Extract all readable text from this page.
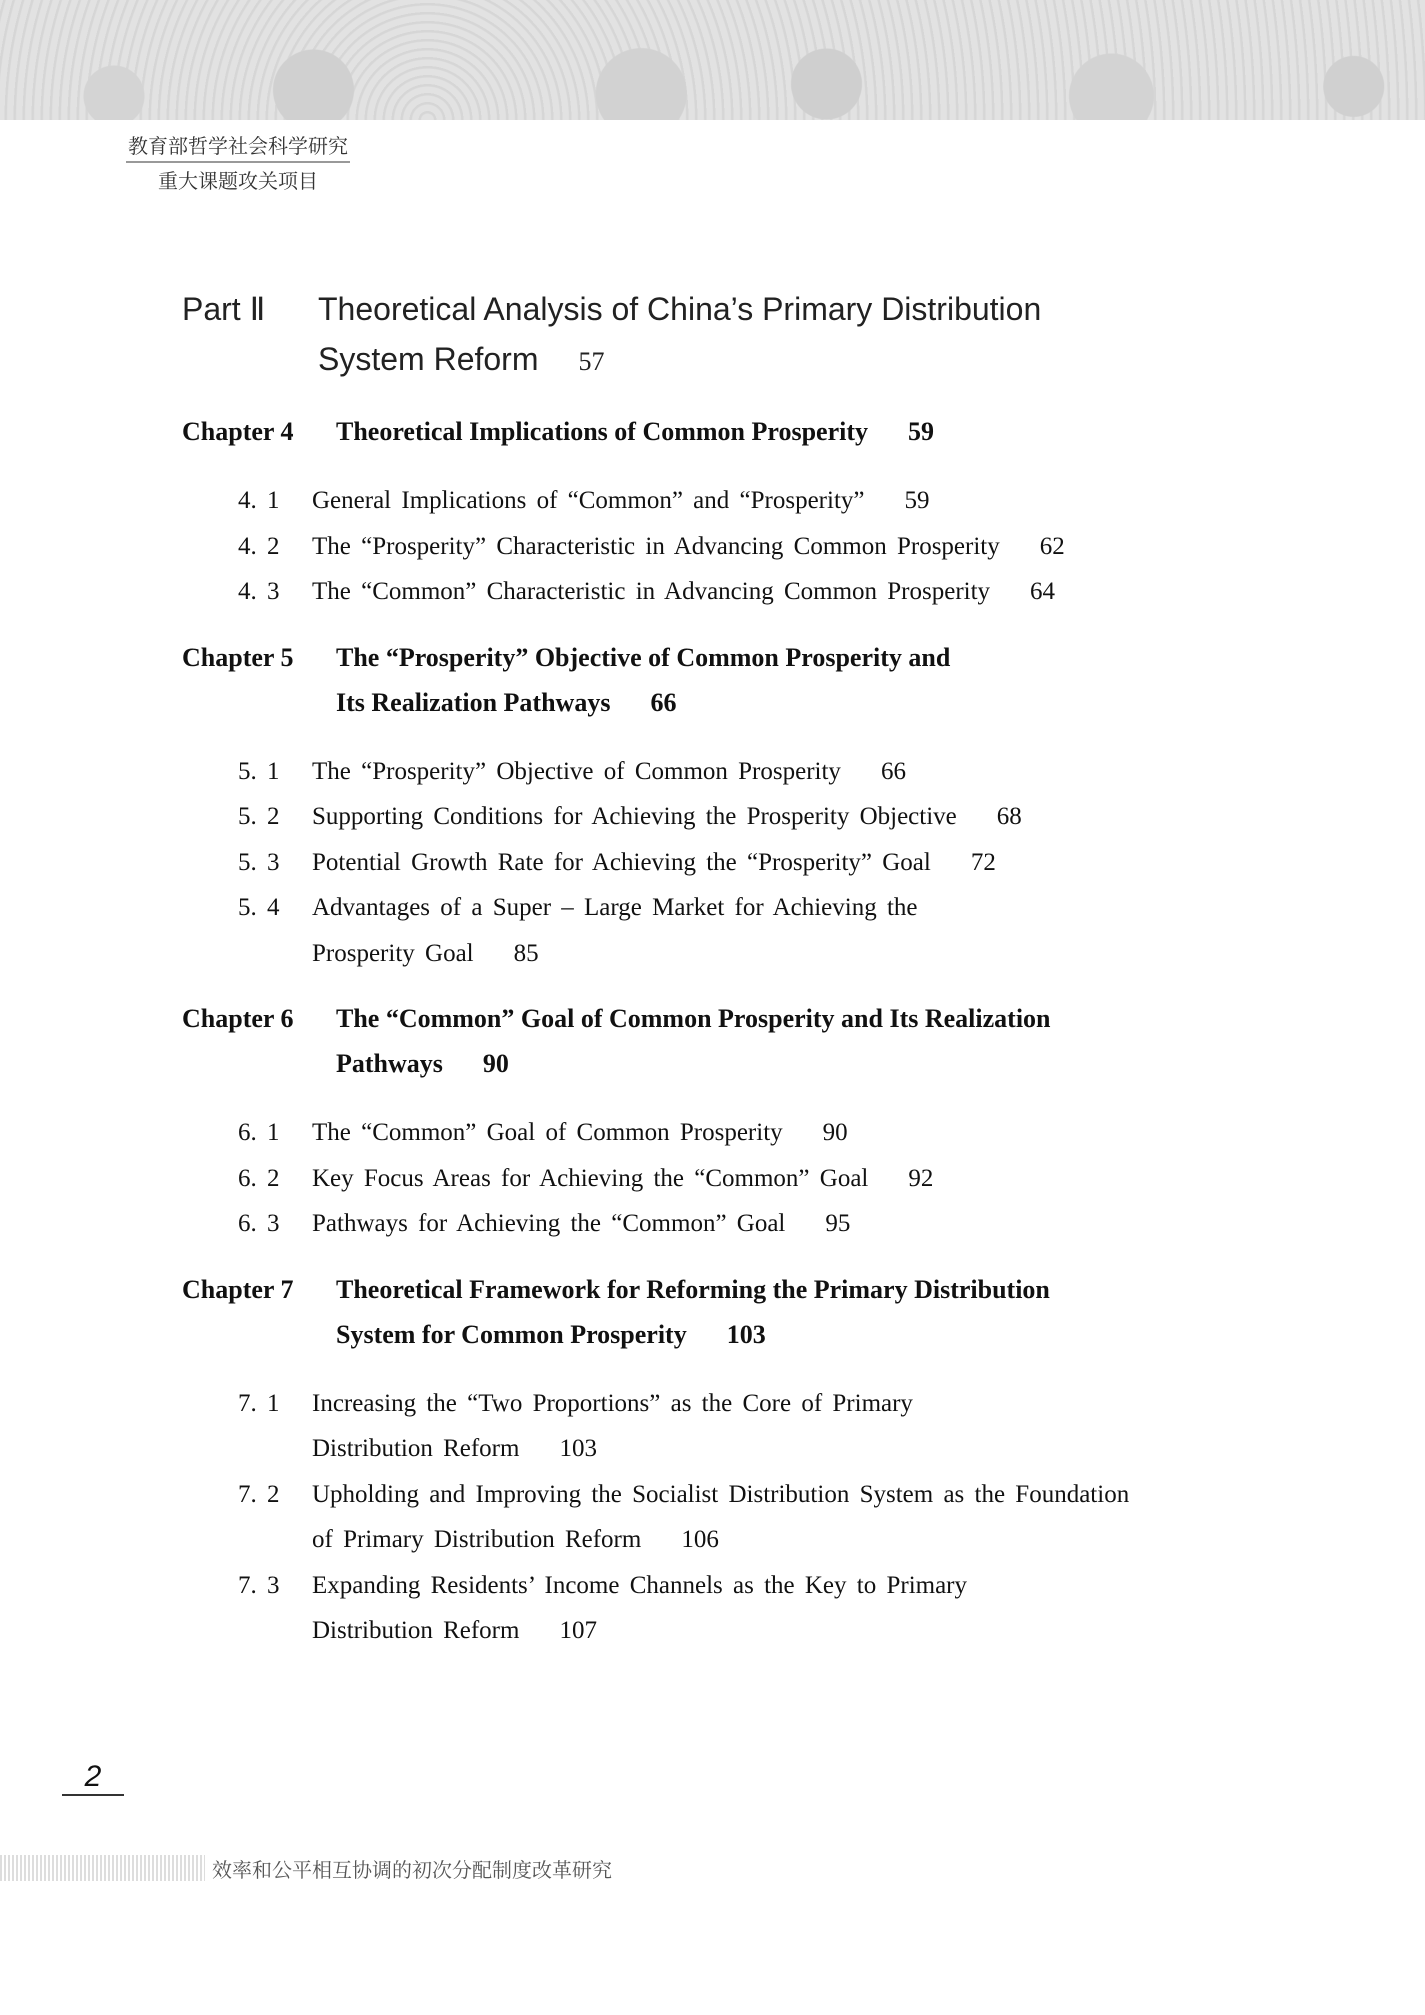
教育部哲学社会科学研究
重大课题攻关项目
Part Ⅱ	Theoretical Analysis of China’s Primary Distribution
System Reform 57
Chapter 4	Theoretical Implications of Common Prosperity 59
4. 1	General Implications of “Common” and “Prosperity” 59
4. 2	The “Prosperity” Characteristic in Advancing Common Prosperity 62
4. 3	The “Common” Characteristic in Advancing Common Prosperity 64
Chapter 5	The “Prosperity” Objective of Common Prosperity and
Its Realization Pathways 66
5. 1	The “Prosperity” Objective of Common Prosperity 66
5. 2	Supporting Conditions for Achieving the Prosperity Objective 68
5. 3	Potential Growth Rate for Achieving the “Prosperity” Goal 72
5. 4	Advantages of a Super – Large Market for Achieving the
Prosperity Goal 85
Chapter 6	The “Common” Goal of Common Prosperity and Its Realization
Pathways 90
6. 1	The “Common” Goal of Common Prosperity 90
6. 2	Key Focus Areas for Achieving the “Common” Goal 92
6. 3	Pathways for Achieving the “Common” Goal 95
Chapter 7	Theoretical Framework for Reforming the Primary Distribution
System for Common Prosperity 103
7. 1	Increasing the “Two Proportions” as the Core of Primary
Distribution Reform 103
7. 2	Upholding and Improving the Socialist Distribution System as the Foundation
of Primary Distribution Reform 106
7. 3	Expanding Residents’ Income Channels as the Key to Primary
Distribution Reform 107
2
效率和公平相互协调的初次分配制度改革研究
